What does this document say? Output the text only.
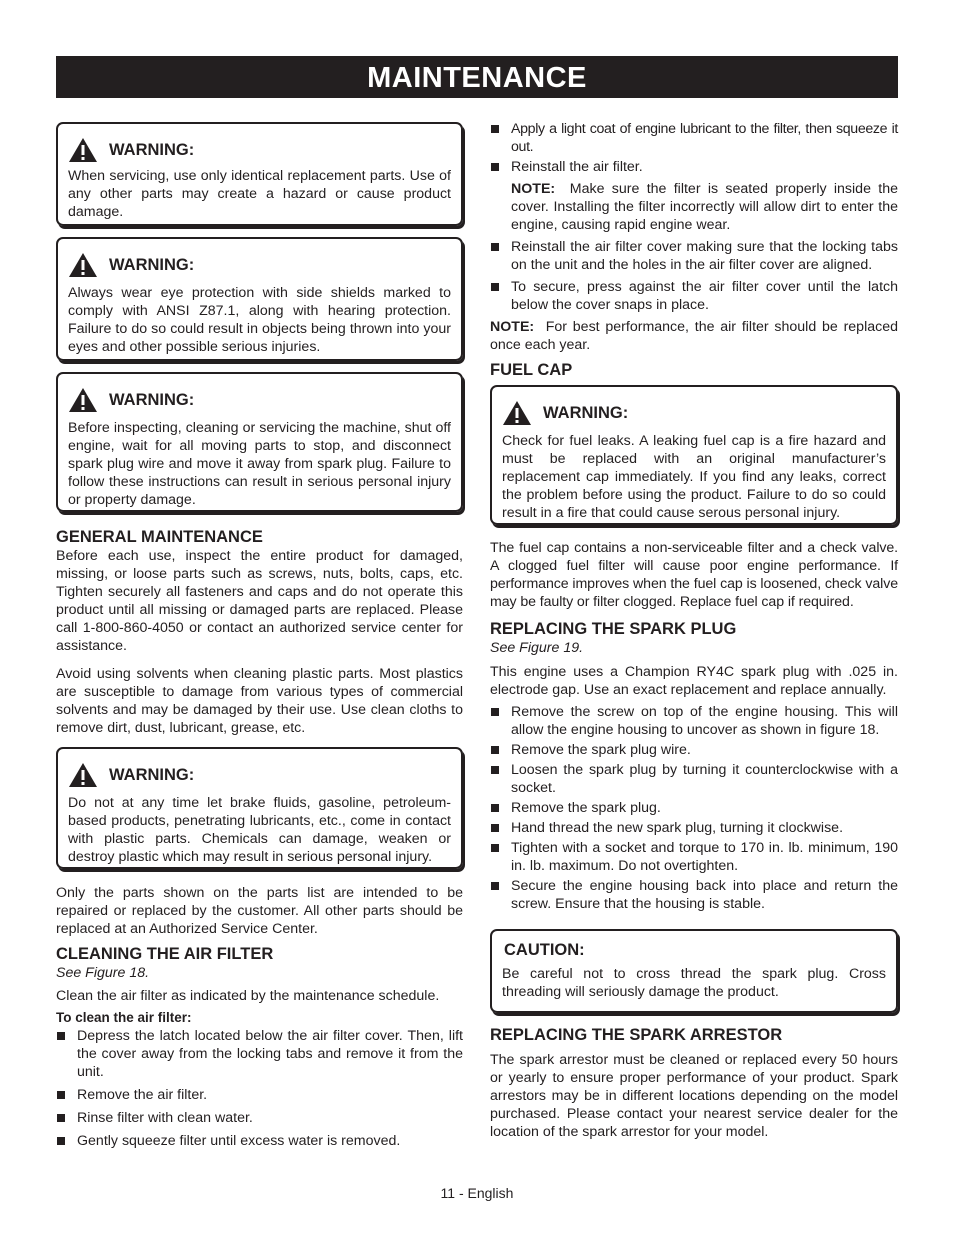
MAINTENANCE
WARNING:

When servicing, use only identical replacement parts. Use of any other parts may create a hazard or cause product damage.

WARNING:

Always wear eye protection with side shields marked to comply with ANSI Z87.1, along with hearing protection. Failure to do so could result in objects being thrown into your eyes and other possible serious injuries.

WARNING:

Before inspecting, cleaning or servicing the machine, shut off engine, wait for all moving parts to stop, and disconnect spark plug wire and move it away from spark plug. Failure to follow these instructions can result in serious personal injury or property damage.

GENERAL MAINTENANCE

Before each use, inspect the entire product for damaged, missing, or loose parts such as screws, nuts, bolts, caps, etc. Tighten securely all fasteners and caps and do not operate this product until all missing or damaged parts are replaced. Please call 1-800-860-4050 or contact an authorized service center for assistance.

Avoid using solvents when cleaning plastic parts. Most plastics are susceptible to damage from various types of commercial solvents and may be damaged by their use. Use clean cloths to remove dirt, dust, lubricant, grease, etc.

WARNING:

Do not at any time let brake fluids, gasoline, petroleum-based products, penetrating lubricants, etc., come in contact with plastic parts. Chemicals can damage, weaken or destroy plastic which may result in serious personal injury.

Only the parts shown on the parts list are intended to be repaired or replaced by the customer. All other parts should be replaced at an Authorized Service Center.

CLEANING THE AIR FILTER

See Figure 18.

Clean the air filter as indicated by the maintenance schedule.

To clean the air filter:

Depress the latch located below the air filter cover. Then, lift the cover away from the locking tabs and remove it from the unit.
Remove the air filter.
Rinse filter with clean water.
Gently squeeze filter until excess water is removed.
Apply a light coat of engine lubricant to the filter, then squeeze it out.
Reinstall the air filter.

NOTE: Make sure the filter is seated properly inside the cover. Installing the filter incorrectly will allow dirt to enter the engine, causing rapid engine wear.

Reinstall the air filter cover making sure that the locking tabs on the unit and the holes in the air filter cover are aligned.
To secure, press against the air filter cover until the latch below the cover snaps in place.

NOTE: For best performance, the air filter should be replaced once each year.

FUEL CAP
WARNING:

Check for fuel leaks. A leaking fuel cap is a fire hazard and must be replaced with an original manufacturer’s replacement cap immediately. If you find any leaks, correct the problem before using the product. Failure to do so could result in a fire that could cause serous personal injury.

The fuel cap contains a non-serviceable filter and a check valve. A clogged fuel filter will cause poor engine performance. If performance improves when the fuel cap is loosened, check valve may be faulty or filter clogged. Replace fuel cap if required.

REPLACING THE SPARK PLUG

See Figure 19.

This engine uses a Champion RY4C spark plug with .025 in. electrode gap. Use an exact replacement and replace annually.

Remove the screw on top of the engine housing. This will allow the engine housing to uncover as shown in figure 18.
Remove the spark plug wire.
Loosen the spark plug by turning it counterclockwise with a socket.
Remove the spark plug.
Hand thread the new spark plug, turning it clockwise.
Tighten with a socket and torque to 170 in. lb. minimum, 190 in. lb. maximum. Do not overtighten.
Secure the engine housing back into place and return the screw. Ensure that the housing is stable.
CAUTION:

Be careful not to cross thread the spark plug. Cross threading will seriously damage the product.

REPLACING THE SPARK ARRESTOR

The spark arrestor must be cleaned or replaced every 50 hours or yearly to ensure proper performance of your product. Spark arrestors may be in different locations depending on the model purchased. Please contact your nearest service dealer for the location of the spark arrestor for your model.

11 - English
